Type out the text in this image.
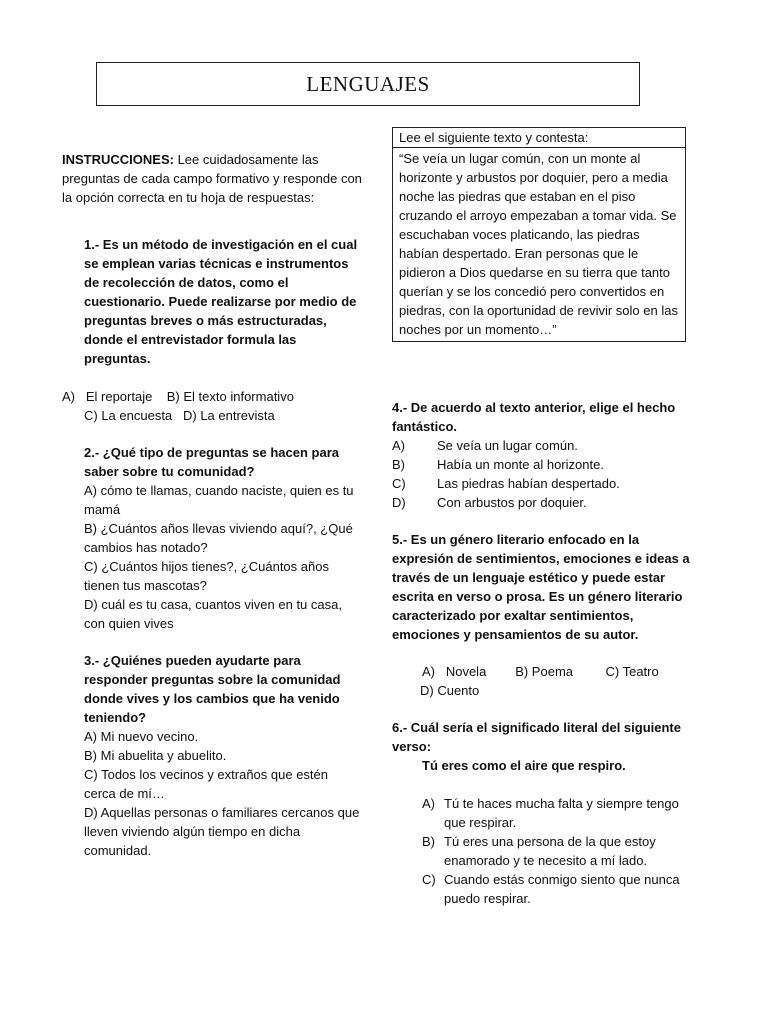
LENGUAJES

INSTRUCCIONES: Lee cuidadosamente las preguntas de cada campo formativo y responde con la opción correcta en tu hoja de respuestas:

1.- Es un método de investigación en el cual se emplean varias técnicas e instrumentos de recolección de datos, como el cuestionario. Puede realizarse por medio de preguntas breves o más estructuradas, donde el entrevistador formula las preguntas.

A)   El reportaje    B) El texto informativo

C) La encuesta   D) La entrevista

2.- ¿Qué tipo de preguntas se hacen para saber sobre tu comunidad?

A) cómo te llamas, cuando naciste, quien es tu mamá

B) ¿Cuántos años llevas viviendo aquí?, ¿Qué cambios has notado?

C) ¿Cuántos hijos tienes?, ¿Cuántos años tienen tus mascotas?

D) cuál es tu casa, cuantos viven en tu casa, con quien vives

3.- ¿Quiénes pueden ayudarte para responder preguntas sobre la comunidad donde vives y los cambios que ha venido teniendo?

A) Mi nuevo vecino.

B) Mi abuelita y abuelito.

C) Todos los vecinos y extraños que estén cerca de mí…

D) Aquellas personas o familiares cercanos que lleven viviendo algún tiempo en dicha comunidad.

Lee el siguiente texto y contesta:
“Se veía un lugar común, con un monte al horizonte y arbustos por doquier, pero a media noche las piedras que estaban en el piso cruzando el arroyo empezaban a tomar vida. Se escuchaban voces platicando, las piedras habían despertado. Eran personas que le pidieron a Dios quedarse en su tierra que tanto querían y se los concedió pero convertidos en piedras, con la oportunidad de revivir solo en las noches por un momento…”

4.- De acuerdo al texto anterior, elige el hecho fantástico.

A)	Se veía un lugar común.
B)	Había un monte al horizonte.
C)	Las piedras habían despertado.
D)	Con arbustos por doquier.

5.- Es un género literario enfocado en la expresión de sentimientos, emociones e ideas a través de un lenguaje estético y puede estar escrita en verso o prosa. Es un género literario caracterizado por exaltar sentimientos, emociones y pensamientos de su autor.

A)   Novela        B) Poema         C) Teatro

D) Cuento

6.- Cuál sería el significado literal del siguiente verso:

Tú eres como el aire que respiro.

A) Tú te haces mucha falta y siempre tengo que respirar.
B) Tú eres una persona de la que estoy enamorado y te necesito a mí lado.
C) Cuando estás conmigo siento que nunca puedo respirar.
